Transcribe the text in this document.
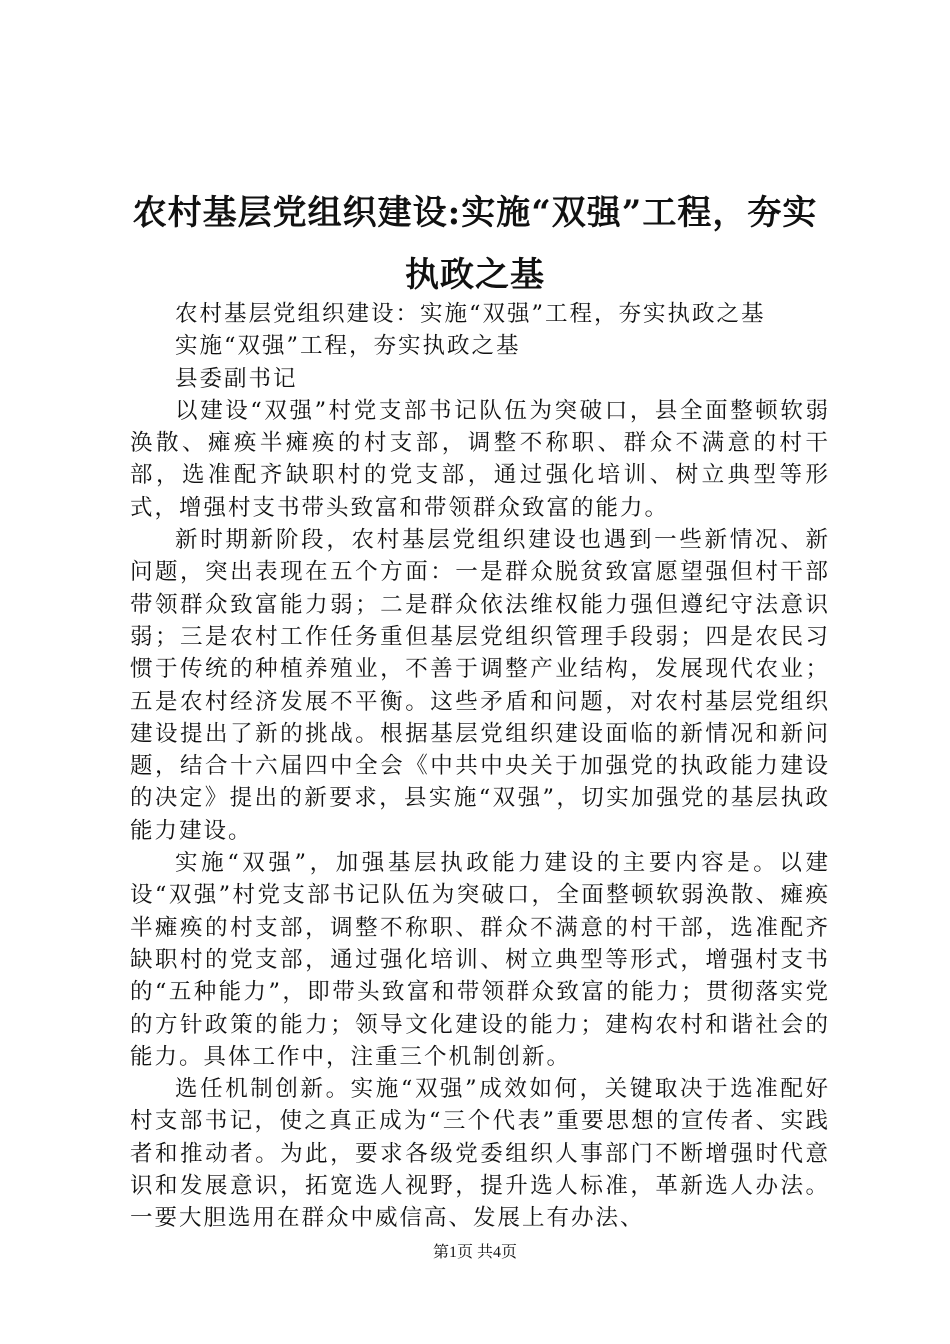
农村基层党组织建设:实施“双强”工程，夯实执政之基

农村基层党组织建设：实施“双强”工程，夯实执政之基

实施“双强”工程，夯实执政之基

县委副书记

以建设“双强”村党支部书记队伍为突破口，县全面整顿软弱涣散、瘫痪半瘫痪的村支部，调整不称职、群众不满意的村干部，选准配齐缺职村的党支部，通过强化培训、树立典型等形式，增强村支书带头致富和带领群众致富的能力。

新时期新阶段，农村基层党组织建设也遇到一些新情况、新问题，突出表现在五个方面：一是群众脱贫致富愿望强但村干部带领群众致富能力弱；二是群众依法维权能力强但遵纪守法意识弱；三是农村工作任务重但基层党组织管理手段弱；四是农民习惯于传统的种植养殖业，不善于调整产业结构，发展现代农业；五是农村经济发展不平衡。这些矛盾和问题，对农村基层党组织建设提出了新的挑战。根据基层党组织建设面临的新情况和新问题，结合十六届四中全会《中共中央关于加强党的执政能力建设的决定》提出的新要求，县实施“双强”，切实加强党的基层执政能力建设。

实施“双强”，加强基层执政能力建设的主要内容是。以建设“双强”村党支部书记队伍为突破口，全面整顿软弱涣散、瘫痪半瘫痪的村支部，调整不称职、群众不满意的村干部，选准配齐缺职村的党支部，通过强化培训、树立典型等形式，增强村支书的“五种能力”，即带头致富和带领群众致富的能力；贯彻落实党的方针政策的能力；领导文化建设的能力；建构农村和谐社会的能力。具体工作中，注重三个机制创新。

选任机制创新。实施“双强”成效如何，关键取决于选准配好村支部书记，使之真正成为“三个代表”重要思想的宣传者、实践者和推动者。为此，要求各级党委组织人事部门不断增强时代意识和发展意识，拓宽选人视野，提升选人标准，革新选人办法。一要大胆选用在群众中威信高、发展上有办法、

第1页 共4页
